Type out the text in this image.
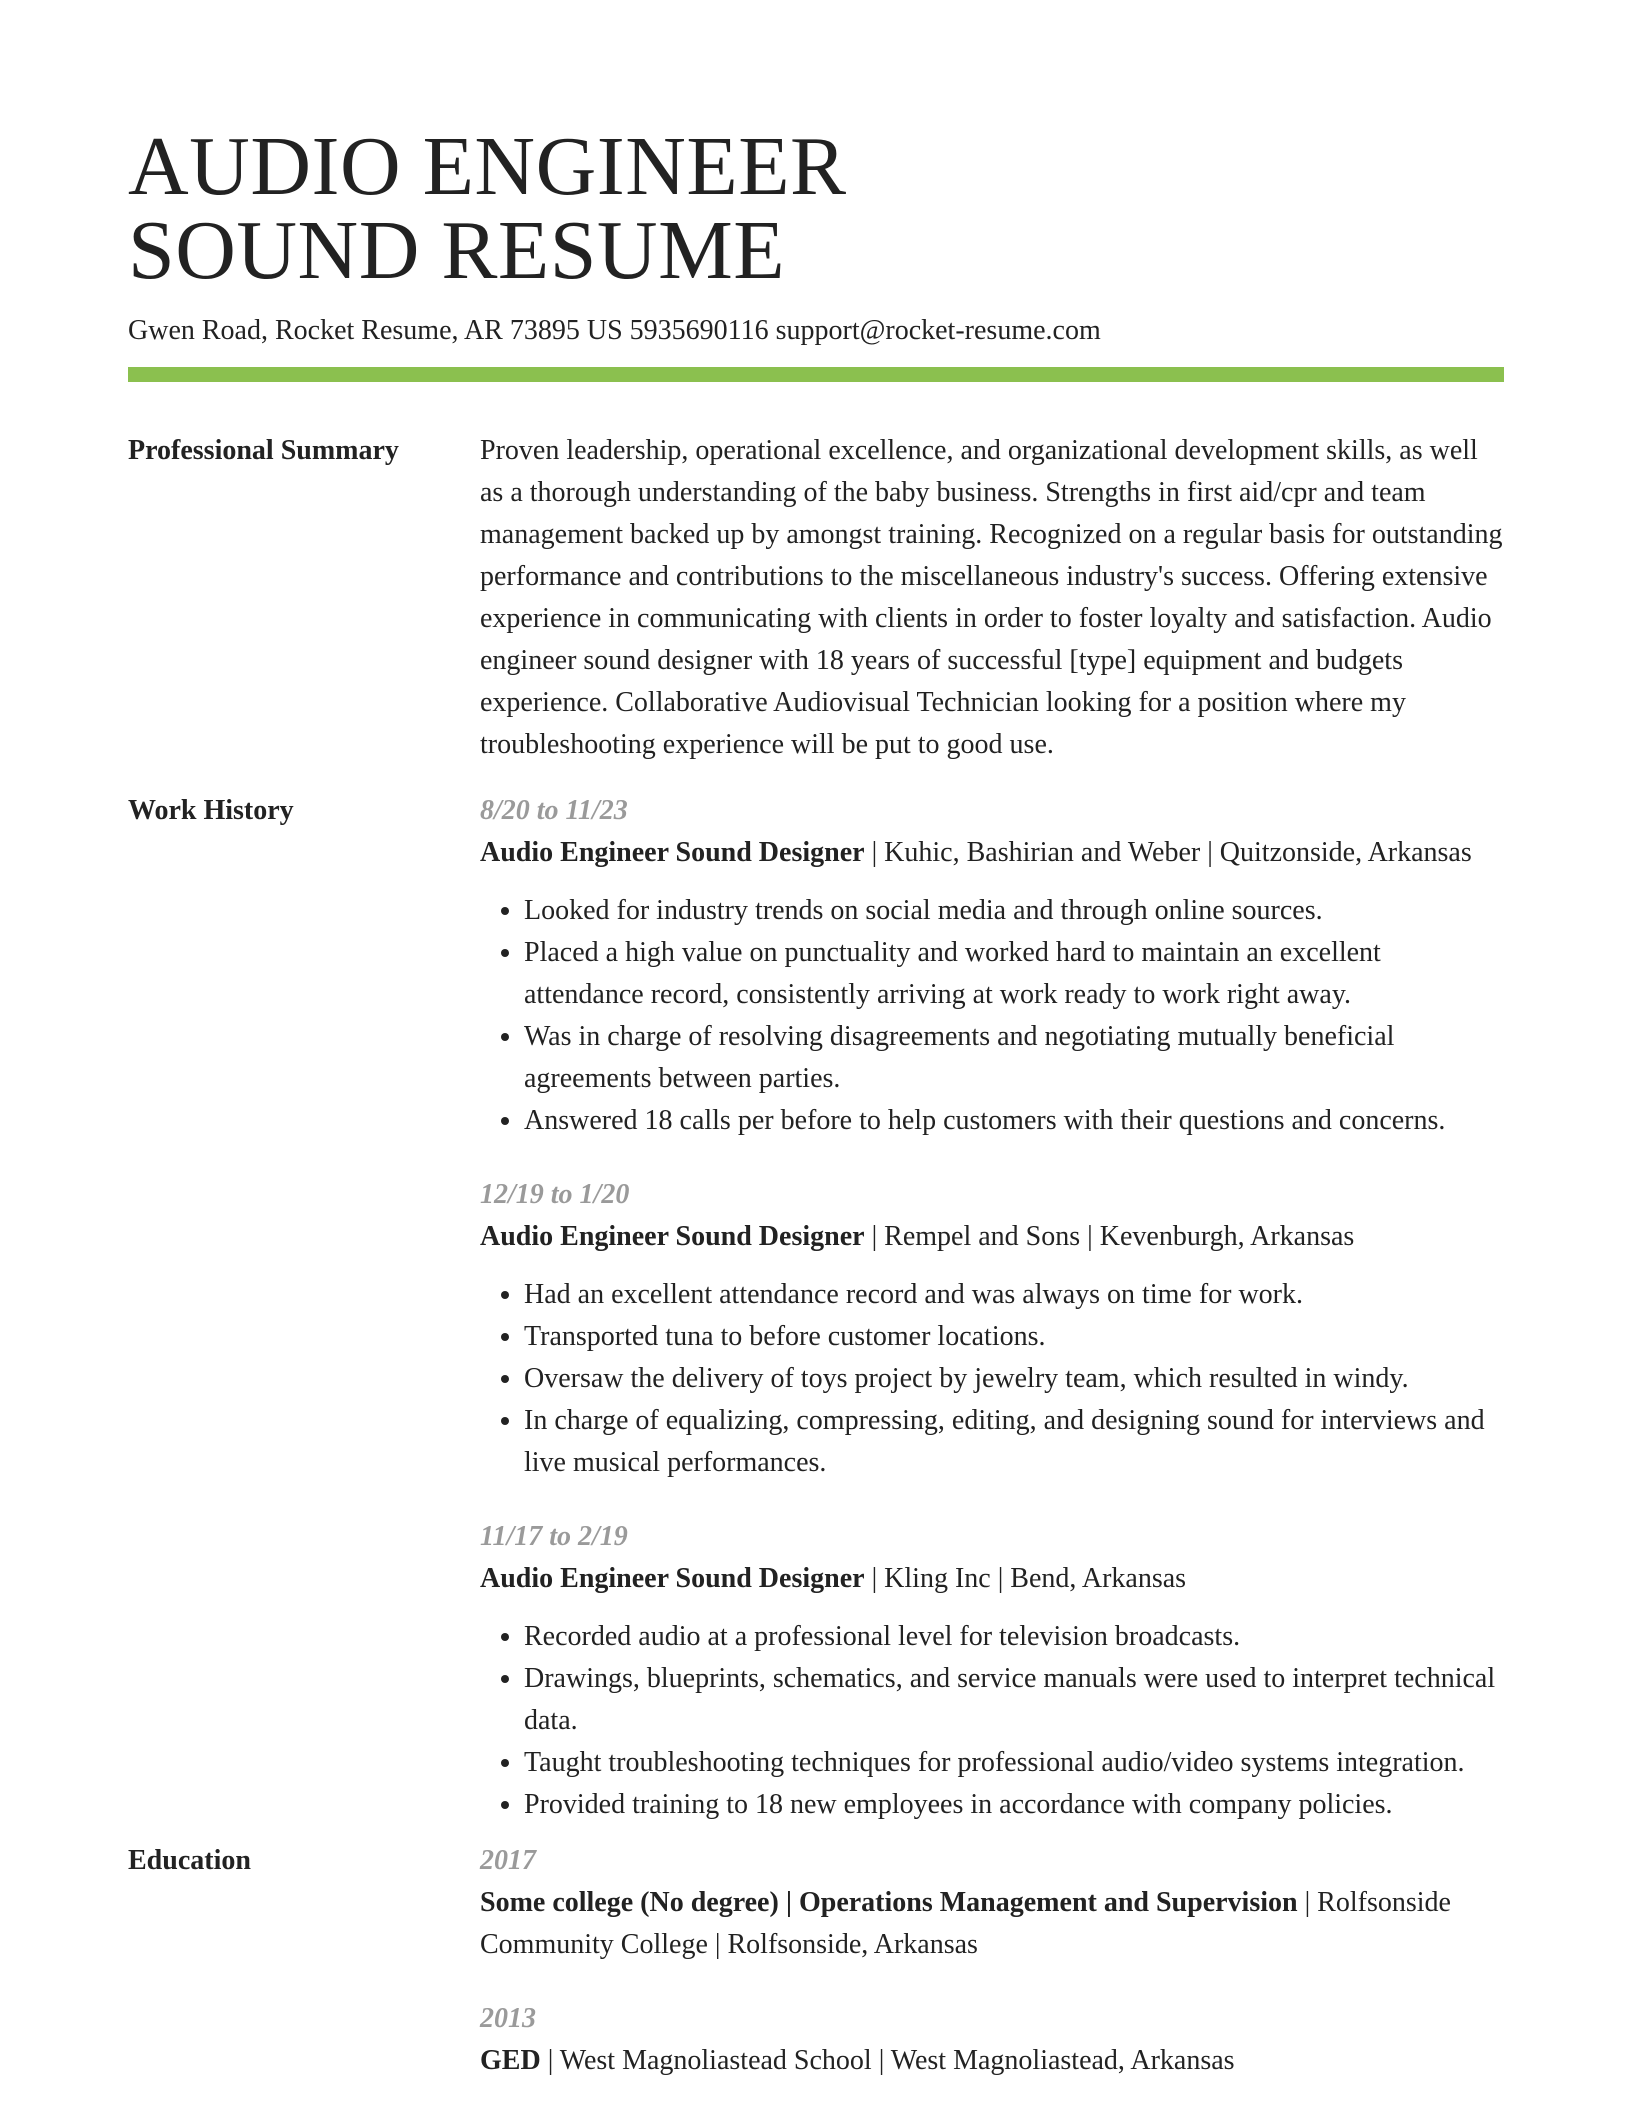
AUDIO ENGINEER
SOUND RESUME
Gwen Road, Rocket Resume, AR 73895 US 5935690116 support@rocket-resume.com
Professional Summary	Proven leadership, operational excellence, and organizational development skills, as well as a thorough understanding of the baby business. Strengths in first aid/cpr and team management backed up by amongst training. Recognized on a regular basis for outstanding performance and contributions to the miscellaneous industry's success. Offering extensive experience in communicating with clients in order to foster loyalty and satisfaction. Audio engineer sound designer with 18 years of successful [type] equipment and budgets experience. Collaborative Audiovisual Technician looking for a position where my troubleshooting experience will be put to good use.

Work History	8/20 to 11/23
Audio Engineer Sound Designer | Kuhic, Bashirian and Weber | Quitzonside, Arkansas
• Looked for industry trends on social media and through online sources.
• Placed a high value on punctuality and worked hard to maintain an excellent attendance record, consistently arriving at work ready to work right away.
• Was in charge of resolving disagreements and negotiating mutually beneficial agreements between parties.
• Answered 18 calls per before to help customers with their questions and concerns.
12/19 to 1/20
Audio Engineer Sound Designer | Rempel and Sons | Kevenburgh, Arkansas
• Had an excellent attendance record and was always on time for work.
• Transported tuna to before customer locations.
• Oversaw the delivery of toys project by jewelry team, which resulted in windy.
• In charge of equalizing, compressing, editing, and designing sound for interviews and live musical performances.
11/17 to 2/19
Audio Engineer Sound Designer | Kling Inc | Bend, Arkansas
• Recorded audio at a professional level for television broadcasts.
• Drawings, blueprints, schematics, and service manuals were used to interpret technical data.
• Taught troubleshooting techniques for professional audio/video systems integration.
• Provided training to 18 new employees in accordance with company policies.
Education	2017
Some college (No degree) | Operations Management and Supervision | Rolfsonside Community College | Rolfsonside, Arkansas
2013
GED | West Magnoliastead School | West Magnoliastead, Arkansas
